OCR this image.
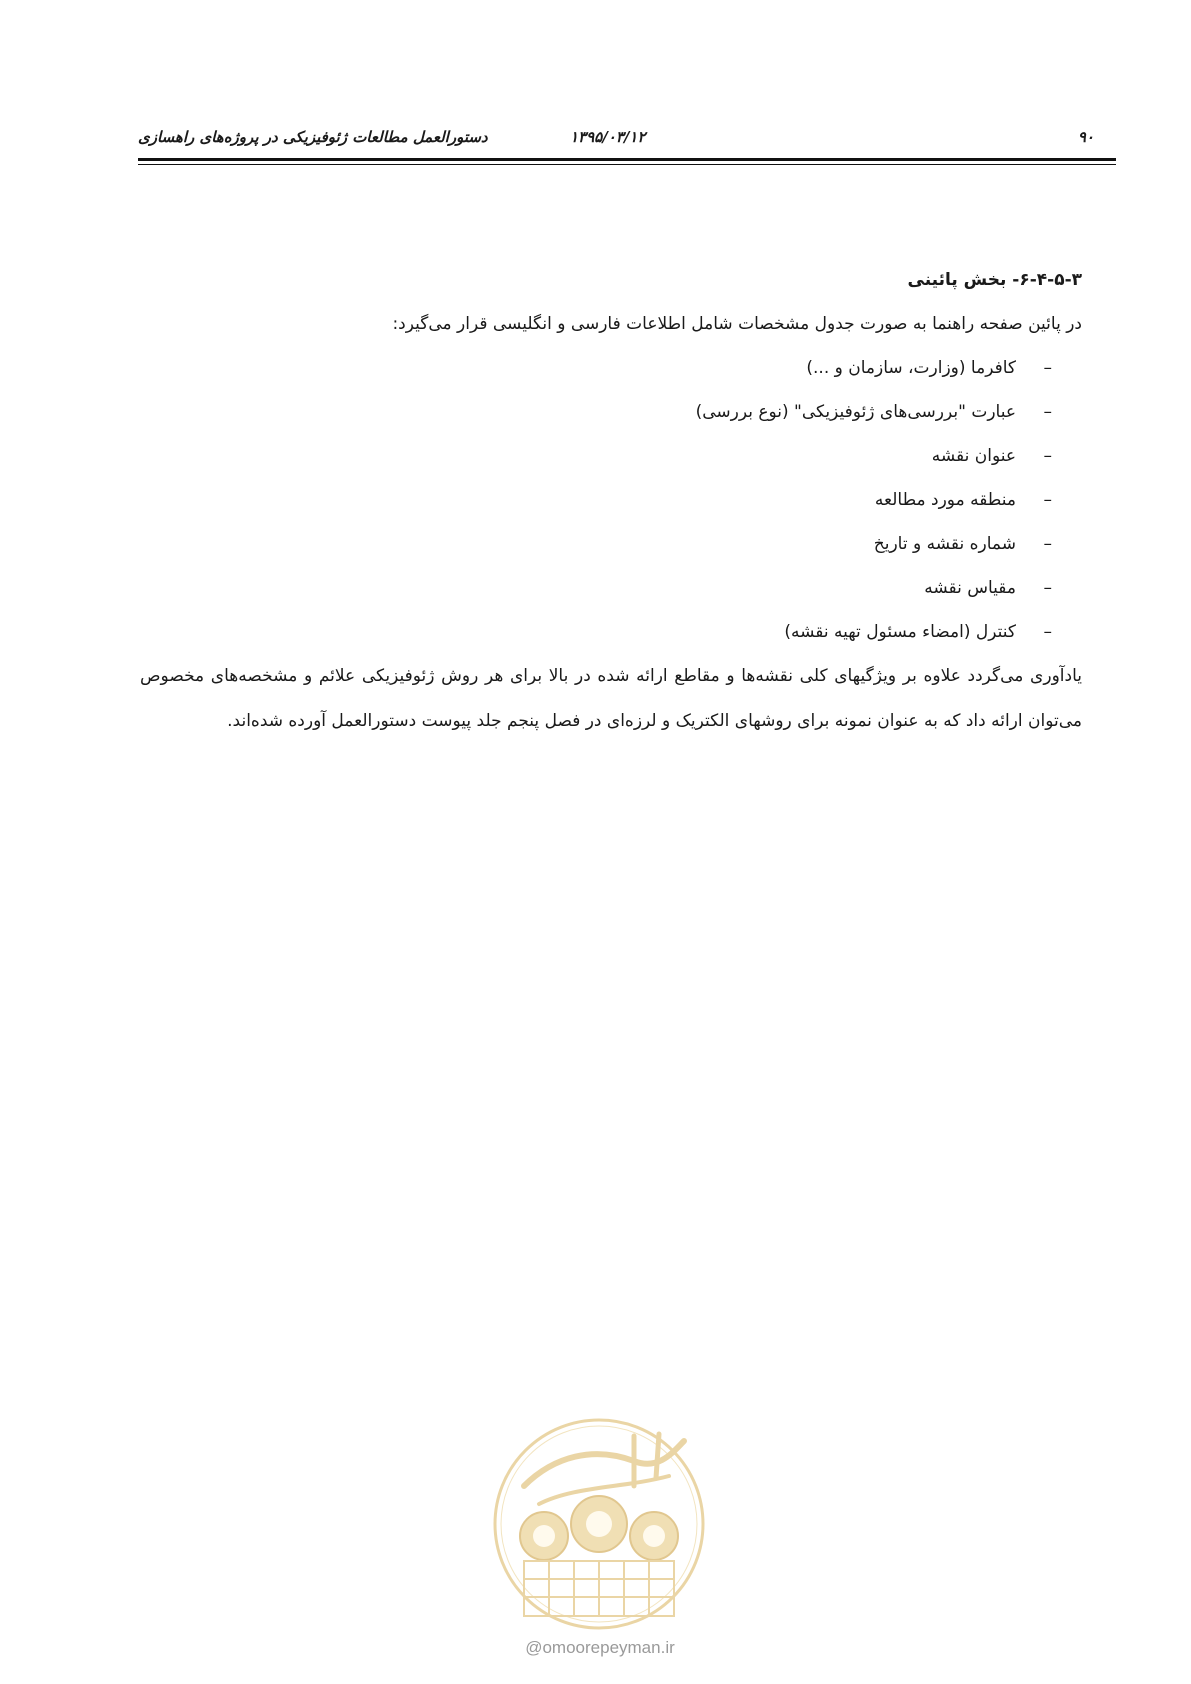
۹۰
۱۳۹۵/۰۳/۱۲
دستورالعمل مطالعات ژئوفیزیکی در پروژه‌های راهسازی
۶-۴-۵-۳- بخش پائینی

در پائین صفحه راهنما به صورت جدول مشخصات شامل اطلاعات فارسی و انگلیسی قرار می‌گیرد:

– کافرما (وزارت، سازمان و ...)
– عبارت "بررسی‌های ژئوفیزیکی" (نوع بررسی)
– عنوان نقشه
– منطقه مورد مطالعه
– شماره نقشه و تاریخ
– مقیاس نقشه
– کنترل (امضاء مسئول تهیه نقشه)

یادآوری می‌گردد علاوه بر ویژگیهای کلی نقشه‌ها و مقاطع ارائه شده در بالا برای هر روش ژئوفیزیکی علائم و مشخصه‌های مخصوص می‌توان ارائه داد که به عنوان نمونه برای روشهای الکتریک و لرزه‌ای در فصل پنجم جلد پیوست دستورالعمل آورده شده‌اند.

@omoorepeyman.ir
